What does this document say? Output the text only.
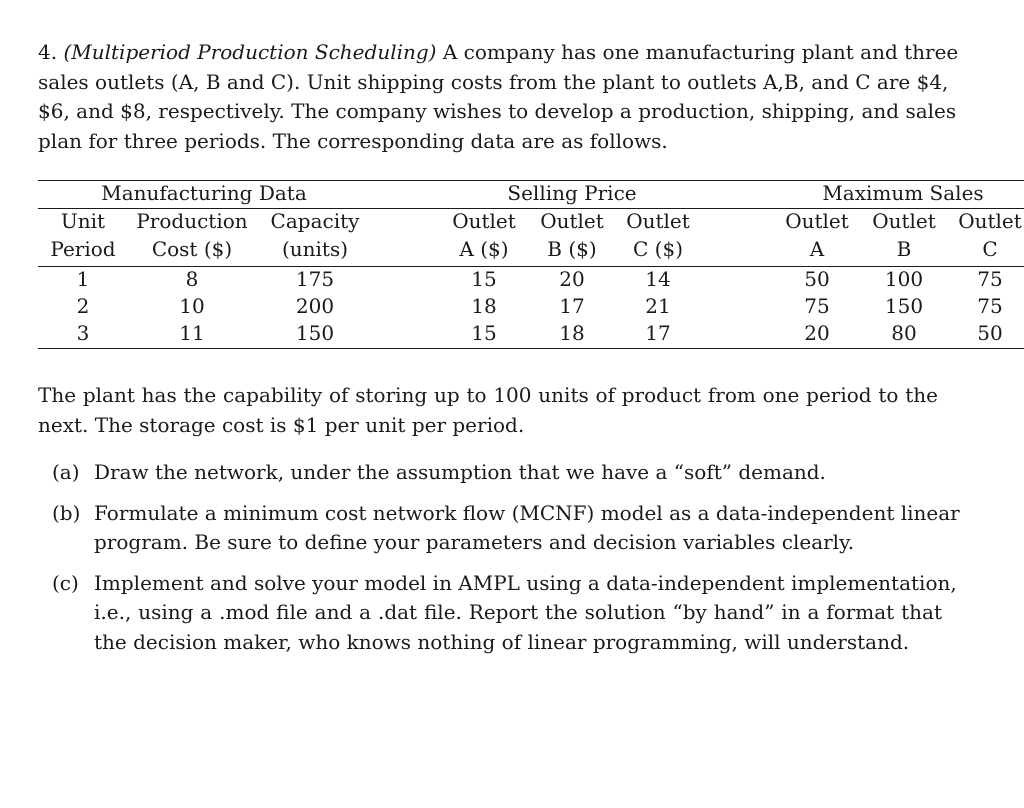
4. (Multiperiod Production Scheduling) A company has one manufacturing plant and three
sales outlets (A, B and C). Unit shipping costs from the plant to outlets A,B, and C are $4,
$6, and $8, respectively. The company wishes to develop a production, shipping, and sales
plan for three periods. The corresponding data are as follows.
Manufacturing Data	Selling Price	Maximum Sales
Unit	Production	Capacity	Outlet	Outlet	Outlet	Outlet	Outlet	Outlet
Period	Cost ($)	(units)	A ($)	B ($)	C ($)	A	B	C
1	8	175	15	20	14	50	100	75
2	10	200	18	17	21	75	150	75
3	11	150	15	18	17	20	80	50
The plant has the capability of storing up to 100 units of product from one period to the
next. The storage cost is $1 per unit per period.
(a) Draw the network, under the assumption that we have a “soft” demand.
(b) Formulate a minimum cost network flow (MCNF) model as a data-independent linear
program. Be sure to define your parameters and decision variables clearly.
(c) Implement and solve your model in AMPL using a data-independent implementation,
i.e., using a .mod file and a .dat file. Report the solution “by hand” in a format that
the decision maker, who knows nothing of linear programming, will understand.
